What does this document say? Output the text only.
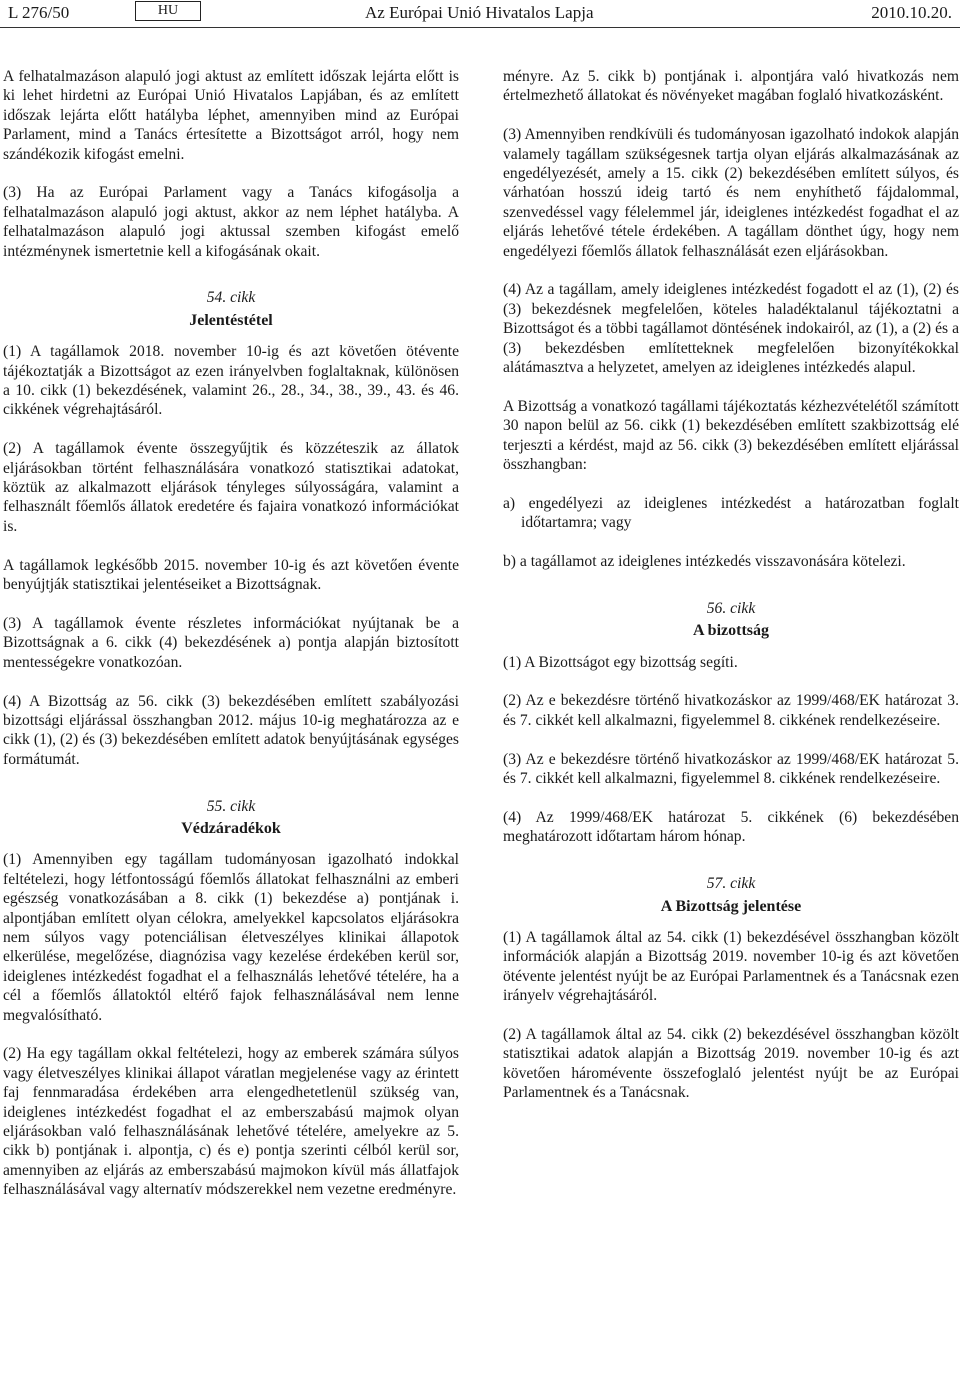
L 276/50	HU	Az Európai Unió Hivatalos Lapja	2010.10.20.

A felhatalmazáson alapuló jogi aktust az említett időszak lejárta előtt is ki lehet hirdetni az Európai Unió Hivatalos Lapjában, és az említett időszak lejárta előtt hatályba léphet, amennyiben mind az Európai Parlament, mind a Tanács értesítette a Bizottságot arról, hogy nem szándékozik kifogást emelni.

(3) Ha az Európai Parlament vagy a Tanács kifogásolja a felhatalmazáson alapuló jogi aktust, akkor az nem léphet hatályba. A felhatalmazáson alapuló jogi aktussal szemben kifogást emelő intézménynek ismertetnie kell a kifogásának okait.

54. cikk
Jelentéstétel

(1) A tagállamok 2018. november 10-ig és azt követően ötévente tájékoztatják a Bizottságot az ezen irányelvben foglaltaknak, különösen a 10. cikk (1) bekezdésének, valamint 26., 28., 34., 38., 39., 43. és 46. cikkének végrehajtásáról.

(2) A tagállamok évente összegyűjtik és közzéteszik az állatok eljárásokban történt felhasználására vonatkozó statisztikai adatokat, köztük az alkalmazott eljárások tényleges súlyosságára, valamint a felhasznált főemlős állatok eredetére és fajaira vonatkozó információkat is.

A tagállamok legkésőbb 2015. november 10-ig és azt követően évente benyújtják statisztikai jelentéseiket a Bizottságnak.

(3) A tagállamok évente részletes információkat nyújtanak be a Bizottságnak a 6. cikk (4) bekezdésének a) pontja alapján biztosított mentességekre vonatkozóan.

(4) A Bizottság az 56. cikk (3) bekezdésében említett szabályozási bizottsági eljárással összhangban 2012. május 10-ig meghatározza az e cikk (1), (2) és (3) bekezdésében említett adatok benyújtásának egységes formátumát.

55. cikk
Védzáradékok

(1) Amennyiben egy tagállam tudományosan igazolható indokkal feltételezi, hogy létfontosságú főemlős állatokat felhasználni az emberi egészség vonatkozásában a 8. cikk (1) bekezdése a) pontjának i. alpontjában említett olyan célokra, amelyekkel kapcsolatos eljárásokra nem súlyos vagy potenciálisan életveszélyes klinikai állapotok elkerülése, megelőzése, diagnózisa vagy kezelése érdekében kerül sor, ideiglenes intézkedést fogadhat el a felhasználás lehetővé tételére, ha a cél a főemlős állatoktól eltérő fajok felhasználásával nem lenne megvalósítható.

(2) Ha egy tagállam okkal feltételezi, hogy az emberek számára súlyos vagy életveszélyes klinikai állapot váratlan megjelenése vagy az érintett faj fennmaradása érdekében arra elengedhetetlenül szükség van, ideiglenes intézkedést fogadhat el az emberszabású majmok olyan eljárásokban való felhasználásának lehetővé tételére, amelyekre az 5. cikk b) pontjának i. alpontja, c) és e) pontja szerinti célból kerül sor, amennyiben az eljárás az emberszabású majmokon kívül más állatfajok felhasználásával vagy alternatív módszerekkel nem vezetne eredményre.

ményre. Az 5. cikk b) pontjának i. alpontjára való hivatkozás nem értelmezhető állatokat és növényeket magában foglaló hivatkozásként.

(3) Amennyiben rendkívüli és tudományosan igazolható indokok alapján valamely tagállam szükségesnek tartja olyan eljárás alkalmazásának az engedélyezését, amely a 15. cikk (2) bekezdésében említett súlyos, és várhatóan hosszú ideig tartó és nem enyhíthető fájdalommal, szenvedéssel vagy félelemmel jár, ideiglenes intézkedést fogadhat el az eljárás lehetővé tétele érdekében. A tagállam dönthet úgy, hogy nem engedélyezi főemlős állatok felhasználását ezen eljárásokban.

(4) Az a tagállam, amely ideiglenes intézkedést fogadott el az (1), (2) és (3) bekezdésnek megfelelően, köteles haladéktalanul tájékoztatni a Bizottságot és a többi tagállamot döntésének indokairól, az (1), a (2) és a (3) bekezdésben említetteknek megfelelően bizonyítékokkal alátámasztva a helyzetet, amelyen az ideiglenes intézkedés alapul.

A Bizottság a vonatkozó tagállami tájékoztatás kézhezvételétől számított 30 napon belül az 56. cikk (1) bekezdésében említett szakbizottság elé terjeszti a kérdést, majd az 56. cikk (3) bekezdésében említett eljárással összhangban:

a) engedélyezi az ideiglenes intézkedést a határozatban foglalt időtartamra; vagy
b) a tagállamot az ideiglenes intézkedés visszavonására kötelezi.
56. cikk
A bizottság

(1) A Bizottságot egy bizottság segíti.

(2) Az e bekezdésre történő hivatkozáskor az 1999/468/EK határozat 3. és 7. cikkét kell alkalmazni, figyelemmel 8. cikkének rendelkezéseire.

(3) Az e bekezdésre történő hivatkozáskor az 1999/468/EK határozat 5. és 7. cikkét kell alkalmazni, figyelemmel 8. cikkének rendelkezéseire.

(4) Az 1999/468/EK határozat 5. cikkének (6) bekezdésében meghatározott időtartam három hónap.

57. cikk
A Bizottság jelentése

(1) A tagállamok által az 54. cikk (1) bekezdésével összhangban közölt információk alapján a Bizottság 2019. november 10-ig és azt követően ötévente jelentést nyújt be az Európai Parlamentnek és a Tanácsnak ezen irányelv végrehajtásáról.

(2) A tagállamok által az 54. cikk (2) bekezdésével összhangban közölt statisztikai adatok alapján a Bizottság 2019. november 10-ig és azt követően háromévente összefoglaló jelentést nyújt be az Európai Parlamentnek és a Tanácsnak.
